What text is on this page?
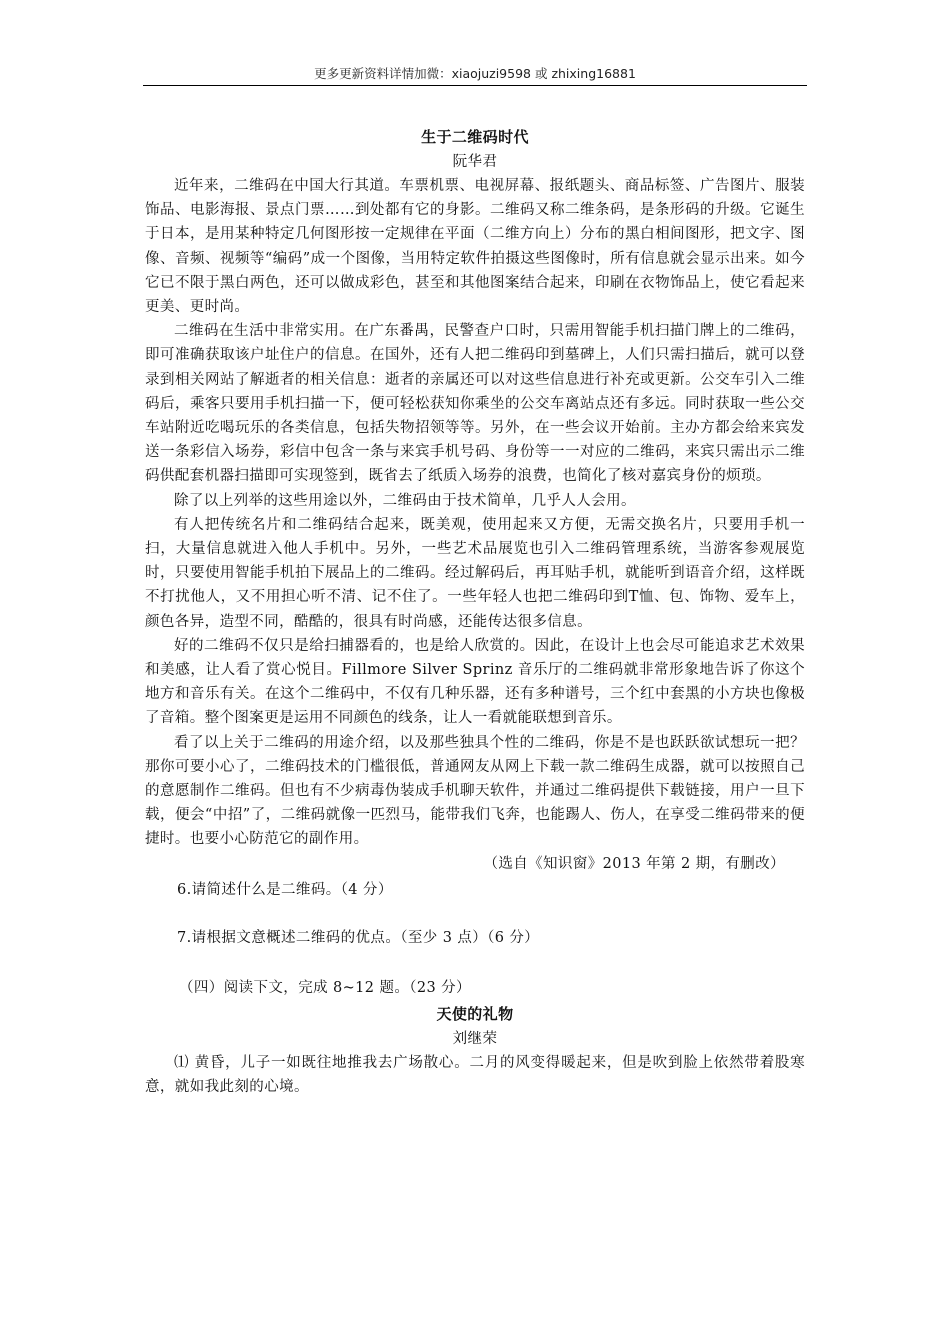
更多更新资料详情加微：xiaojuzi9598 或 zhixing16881

生于二维码时代

阮华君

近年来，二维码在中国大行其道。车票机票、电视屏幕、报纸题头、商品标签、广告图片、服装饰品、电影海报、景点门票……到处都有它的身影。二维码又称二维条码，是条形码的升级。它诞生于日本，是用某种特定几何图形按一定规律在平面（二维方向上）分布的黑白相间图形，把文字、图像、音频、视频等“编码”成一个图像，当用特定软件拍摄这些图像时，所有信息就会显示出来。如今它已不限于黑白两色，还可以做成彩色，甚至和其他图案结合起来，印刷在衣物饰品上，使它看起来更美、更时尚。

二维码在生活中非常实用。在广东番禺，民警查户口时，只需用智能手机扫描门牌上的二维码，即可准确获取该户址住户的信息。在国外，还有人把二维码印到墓碑上，人们只需扫描后，就可以登录到相关网站了解逝者的相关信息：逝者的亲属还可以对这些信息进行补充或更新。公交车引入二维码后，乘客只要用手机扫描一下，便可轻松获知你乘坐的公交车离站点还有多远。同时获取一些公交车站附近吃喝玩乐的各类信息，包括失物招领等等。另外，在一些会议开始前。主办方都会给来宾发送一条彩信入场券，彩信中包含一条与来宾手机号码、身份等一一对应的二维码，来宾只需出示二维码供配套机器扫描即可实现签到，既省去了纸质入场券的浪费，也简化了核对嘉宾身份的烦琐。

除了以上列举的这些用途以外，二维码由于技术简单，几乎人人会用。

有人把传统名片和二维码结合起来，既美观，使用起来又方便，无需交换名片，只要用手机一扫，大量信息就进入他人手机中。另外，一些艺术品展览也引入二维码管理系统，当游客参观展览时，只要使用智能手机拍下展品上的二维码。经过解码后，再耳贴手机，就能听到语音介绍，这样既不打扰他人，又不用担心听不清、记不住了。一些年轻人也把二维码印到T恤、包、饰物、爱车上，颜色各异，造型不同，酷酷的，很具有时尚感，还能传达很多信息。

好的二维码不仅只是给扫捕器看的，也是给人欣赏的。因此，在设计上也会尽可能追求艺术效果和美感，让人看了赏心悦目。Fillmore Silver Sprinz 音乐厅的二维码就非常形象地告诉了你这个地方和音乐有关。在这个二维码中，不仅有几种乐器，还有多种谱号，三个红中套黑的小方块也像极了音箱。整个图案更是运用不同颜色的线条，让人一看就能联想到音乐。

看了以上关于二维码的用途介绍，以及那些独具个性的二维码，你是不是也跃跃欲试想玩一把？那你可要小心了，二维码技术的门槛很低，普通网友从网上下载一款二维码生成器，就可以按照自己的意愿制作二维码。但也有不少病毒伪装成手机聊天软件，并通过二维码提供下载链接，用户一旦下载，便会“中招”了，二维码就像一匹烈马，能带我们飞奔，也能踢人、伤人，在享受二维码带来的便捷时。也要小心防范它的副作用。

（选自《知识窗》2013 年第 2 期，有删改）

6.请简述什么是二维码。（4 分）

7.请根据文意概述二维码的优点。（至少 3 点）（6 分）

（四）阅读下文，完成 8~12 题。（23 分）

天使的礼物

刘继荣

⑴ 黄昏，儿子一如既往地推我去广场散心。二月的风变得暖起来，但是吹到脸上依然带着股寒意，就如我此刻的心境。
